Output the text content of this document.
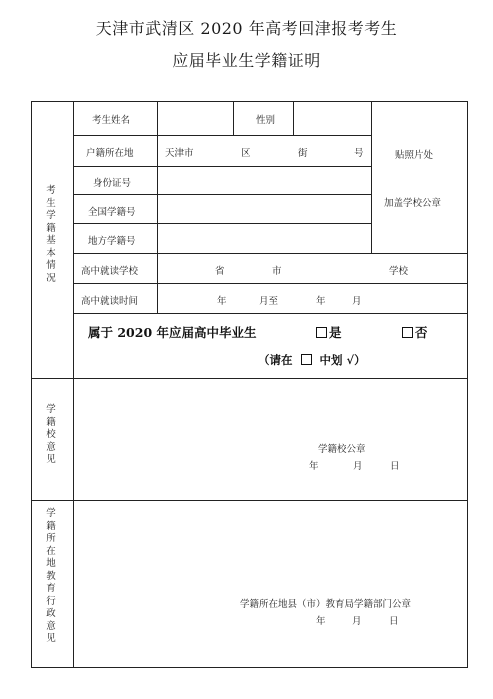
天津市武清区 2020 年高考回津报考考生
应届毕业生学籍证明
考生学籍基本情况
考生姓名	性别
户籍所在地	天津市	区	街	号
身份证号
全国学籍号
地方学籍号
贴照片处
加盖学校公章
高中就读学校	省	市	学校
高中就读时间	年	月至	年	月
属于 2020 年应届高中毕业生	是	否
（请在 中划 √）
学籍校意见
学籍校公章
年	月	日
学籍所在地教育行政意见
学籍所在地县（市）教育局学籍部门公章
年	月	日
